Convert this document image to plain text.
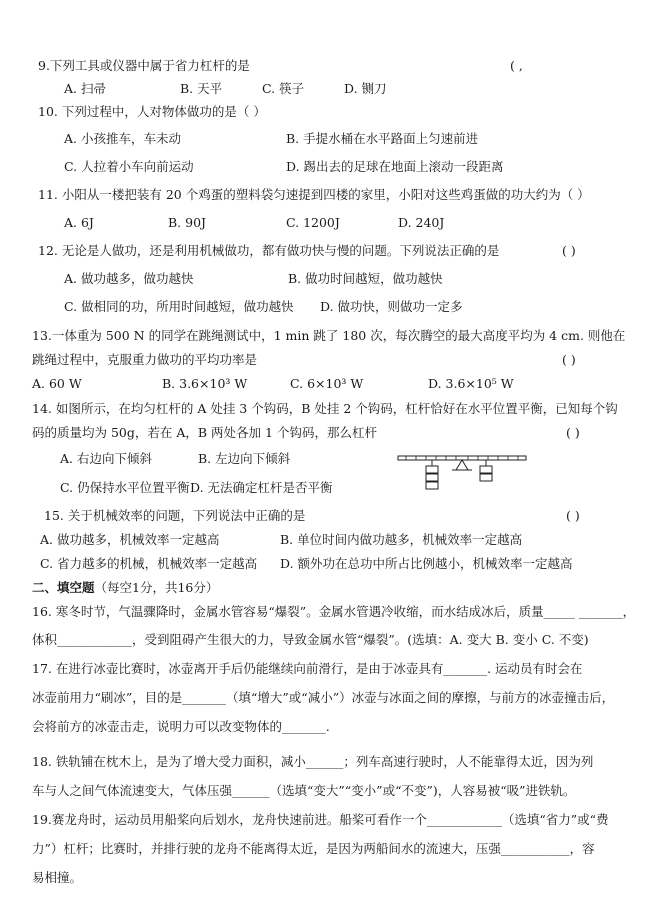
9.下列工具或仪器中属于省力杠杆的是	( ,
A. 扫帚	B. 天平	C. 筷子	D. 铡刀
10. 下列过程中，人对物体做功的是（ ）
A. 小孩推车，车未动	B. 手提水桶在水平路面上匀速前进
C. 人拉着小车向前运动	D. 踢出去的足球在地面上滚动一段距离
11. 小阳从一楼把装有 20 个鸡蛋的塑料袋匀速提到四楼的家里，小阳对这些鸡蛋做的功大约为（ ）
A. 6J	B. 90J	C. 1200J	D. 240J
12. 无论是人做功，还是利用机械做功，都有做功快与慢的问题。下列说法正确的是	( )
A. 做功越多，做功越快	B. 做功时间越短，做功越快
C. 做相同的功，所用时间越短，做功越快 D. 做功快，则做功一定多
13.一体重为 500 N 的同学在跳绳测试中，1 min 跳了 180 次，每次腾空的最大高度平均为 4 cm. 则他在
跳绳过程中，克服重力做功的平均功率是	( )
A. 60 W	B. 3.6×10³ W	C. 6×10³ W	D. 3.6×10⁵ W
14. 如图所示，在均匀杠杆的 A 处挂 3 个钩码，B 处挂 2 个钩码，杠杆恰好在水平位置平衡，已知每个钩
码的质量均为 50g，若在 A，B 两处各加 1 个钩码，那么杠杆	( )
A. 右边向下倾斜	B. 左边向下倾斜
C. 仍保持水平位置平衡 D. 无法确定杠杆是否平衡
15. 关于机械效率的问题，下列说法中正确的是	( )
A. 做功越多，机械效率一定越高	B. 单位时间内做功越多，机械效率一定越高
C. 省力越多的机械，机械效率一定越高 D. 额外功在总功中所占比例越小，机械效率一定越高
二、填空题（每空1分，共16分）
16. 寒冬时节，气温骤降时，金属水管容易“爆裂”。金属水管遇冷收缩，而水结成冰后，质量_____ _______，
体积____________，受到阻碍产生很大的力，导致金属水管“爆裂”。(选填：A. 变大 B. 变小 C. 不变)
17. 在进行冰壶比赛时，冰壶离开手后仍能继续向前滑行，是由于冰壶具有_______. 运动员有时会在
冰壶前用力“刷冰”，目的是_______（填“增大”或“减小”）冰壶与冰面之间的摩擦，与前方的冰壶撞击后，
会将前方的冰壶击走，说明力可以改变物体的_______.
18. 铁轨铺在枕木上，是为了增大受力面积，减小______；列车高速行驶时，人不能靠得太近，因为列
车与人之间气体流速变大，气体压强______（选填“变大”“变小”或“不变”)，人容易被“吸”进铁轨。
19.赛龙舟时，运动员用船桨向后划水，龙舟快速前进。船桨可看作一个____________（选填“省力”或“费
力”）杠杆；比赛时，并排行驶的龙舟不能离得太近，是因为两船间水的流速大，压强___________，容
易相撞。
